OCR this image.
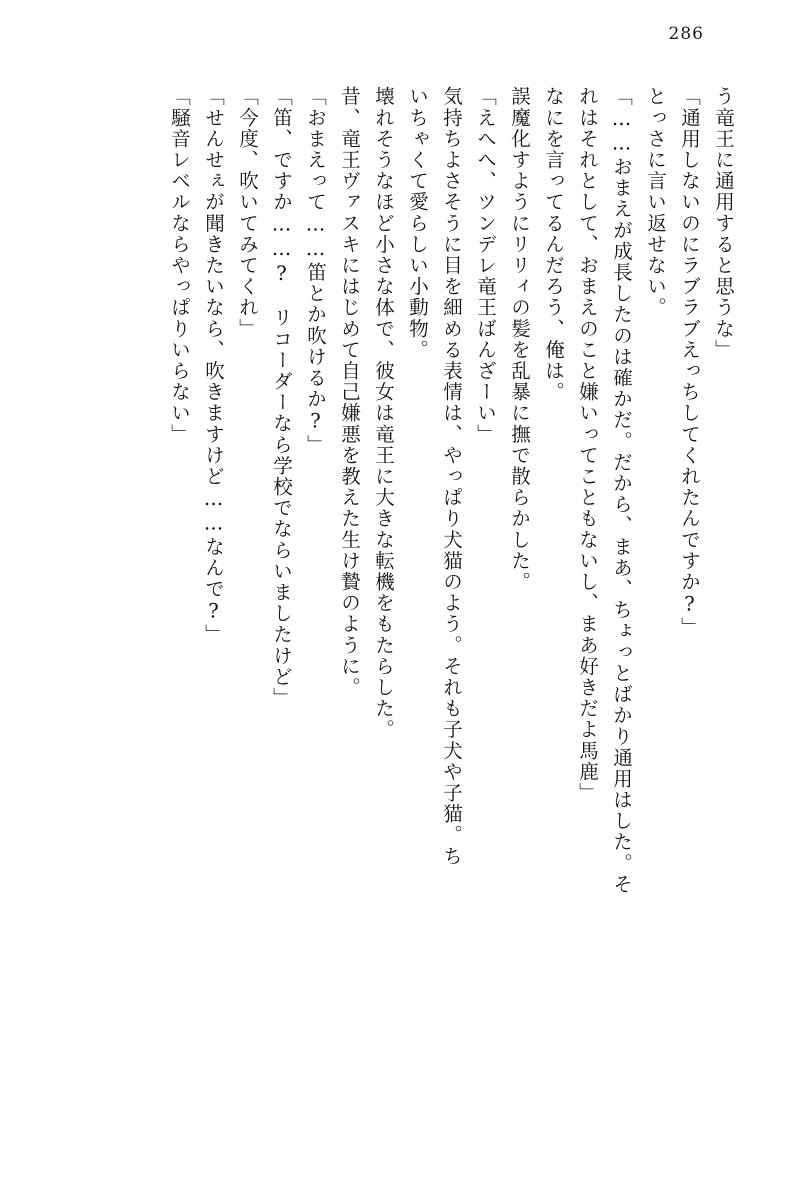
286
う竜王に通用すると思うな」
「通用しないのにラブラブえっちしてくれたんですか?」
とっさに言い返せない。
「……おまえが成長したのは確かだ。だから、まあ、ちょっとばかり通用はした。そ
れはそれとして、おまえのこと嫌いってこともないし、まあ好きだよ馬鹿」
なにを言ってるんだろう、俺は。
誤魔化すようにリリィの髪を乱暴に撫で散らかした。
「えへへ、ツンデレ竜王ばんざーい」
気持ちよさそうに目を細める表情は、やっぱり犬猫のよう。それも子犬や子猫。ち
いちゃくて愛らしい小動物。
壊れそうなほど小さな体で、彼女は竜王に大きな転機をもたらした。
昔、竜王ヴァスキにはじめて自己嫌悪を教えた生け贄のように。
「おまえって……笛とか吹けるか?」
「笛、ですか……?　リコーダーなら学校でならいましたけど」
「今度、吹いてみてくれ」
「せんせぇが聞きたいなら、吹きますけど……なんで?」
「騒音レベルならやっぱりいらない」
